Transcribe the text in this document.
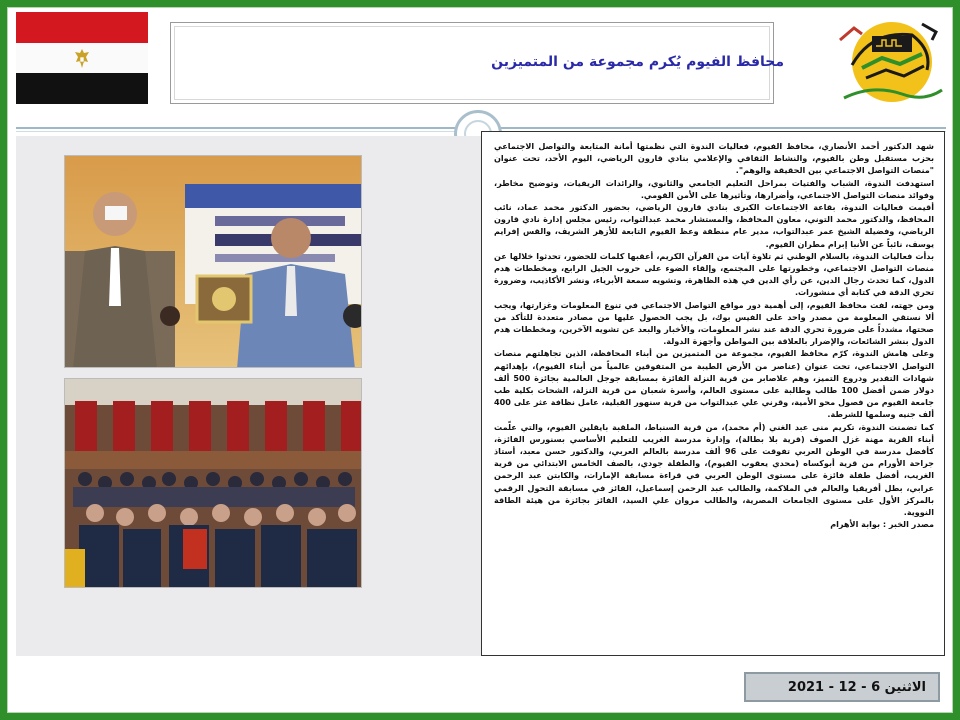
محافظ الفيوم يُكرم مجموعة من المتميزين

شهد الدكتور أحمد الأنصاري، محافظ الفيوم، فعاليات الندوة التي نظمتها أمانة المتابعة والتواصل الاجتماعي بحزب مستقبل وطن بالفيوم، والنشاط الثقافي والإعلامي بنادي قارون الرياضي، اليوم الأحد، تحت عنوان "منصات التواصل الاجتماعي بين الحقيقة والوهم".

استهدفت الندوة، الشباب والفتيات بمراحل التعليم الجامعي والثانوي، والرائدات الريفيات، وتوضيح مخاطر، وفوائد منصات التواصل الاجتماعي، وأضرارها، وتأثيرها على الأمن القومي.

أقيمت فعاليات الندوة، بقاعة الاجتماعات الكبرى بنادي قارون الرياضي، بحضور الدكتور محمد عماد، نائب المحافظ، والدكتور محمد التوني، معاون المحافظ، والمستشار محمد عبدالتواب، رئيس مجلس إدارة نادي قارون الرياضي، وفضيلة الشيخ عمر عبدالتواب، مدير عام منطقة وعظ الفيوم التابعة للأزهر الشريف، والقس إفرايم يوسف، نائباً عن الأنبا إبرام مطران الفيوم.

بدأت فعاليات الندوة، بالسلام الوطني ثم تلاوة آيات من القرآن الكريم، أعقبها كلمات للحضور، تحدثوا خلالها عن منصات التواصل الاجتماعي، وخطورتها على المجتمع، وإلقاء الضوء على حروب الجيل الرابع، ومخططات هدم الدول، كما تحدث رجال الدين، عن رأي الدين في هذه الظاهرة، وتشويه سمعة الأبرياء، ونشر الأكاذيب، وضرورة تحري الدقة في كتابة أي منشورات.

ومن جهته، لفت محافظ الفيوم، إلى أهمية دور مواقع التواصل الاجتماعي في تنوع المعلومات وغزارتها، ويجب ألا نستقي المعلومة من مصدر واحد على الفيس بوك، بل يجب الحصول عليها من مصادر متعددة للتأكد من صحتها، مشدداً على ضرورة تحري الدقة عند نشر المعلومات، والأخبار والبعد عن تشويه الآخرين، ومخططات هدم الدول بنشر الشائعات، والإضرار بالعلاقة بين المواطن وأجهزة الدولة.

وعلى هامش الندوة، كرّم محافظ الفيوم، مجموعة من المتميزين من أبناء المحافظة، الذين تجاهلتهم منصات التواصل الاجتماعي، تحت عنوان (عناصر من الأرض الطيبة من المتفوقين عالمياً من أبناء الفيوم)، بإهدائهم شهادات التقدير ودروع التميز، وهم علاصابر من قرية النزلة الفائزة بمسابقة جوجل العالمية بجائزة 500 ألف دولار ضمن أفضل 100 طالب وطالبة على مستوى العالم، وأسرة شعبان من قرية النزلة، الشحات بكلية طب جامعة الفيوم من فصول محو الأمية، وقرني علي عبدالتواب من قرية سنهور القبلية، عامل نظافة عثر على 400 ألف جنيه وسلمها للشرطة.

كما تضمنت الندوة، تكريم منى عبد الغني (أم محمد)، من قرية السنباط، الملقبة بايقلين الفيوم، والتي علّمت أبناء القرية مهنة غزل الصوف (قرية بلا بطالة)، وإدارة مدرسة الغريب للتعليم الأساسي بسنورس الفائزة، كأفضل مدرسة في الوطن العربي تفوقت على 96 ألف مدرسة بالعالم العربي، والدكتور حسن معبد، أستاذ جراحة الأورام من قرية أبوكساه (محدي يعقوب الفيوم)، والطفلة جودي، بالصف الخامس الابتدائي من قرية الغريب، أفضل طفلة فائزة على مستوى الوطن العربي في قراءة مسابقة الإمارات، والكابتن عبد الرحمن عرابي، بطل أفريقيا والعالم في الملاكمة، والطالب عبد الرحمن إسماعيل، الفائز في مسابقة التحول الرقمي بالمركز الأول على مستوى الجامعات المصرية، والطالب مروان علي السيد، الفائز بجائزة من هيئة الطاقة النووية.

مصدر الخبر : بوابة الأهرام

الاثنين 6 - 12 - 2021
